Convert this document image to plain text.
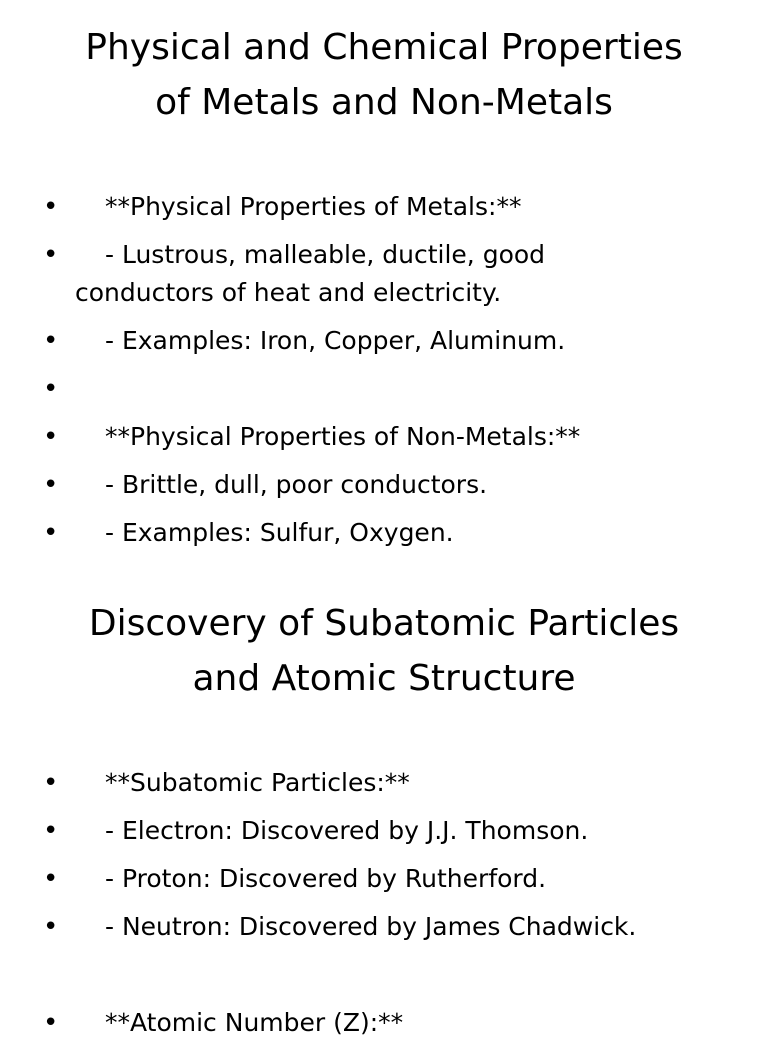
Physical and Chemical Properties
of Metals and Non-Metals
•	**Physical Properties of Metals:**
•	- Lustrous, malleable, ductile, good
conductors of heat and electricity.
•	- Examples: Iron, Copper, Aluminum.
•
•	**Physical Properties of Non-Metals:**
•	- Brittle, dull, poor conductors.
•	- Examples: Sulfur, Oxygen.
Discovery of Subatomic Particles
and Atomic Structure
•	**Subatomic Particles:**
•	- Electron: Discovered by J.J. Thomson.
•	- Proton: Discovered by Rutherford.
•	- Neutron: Discovered by James Chadwick.
•	**Atomic Number (Z):**
